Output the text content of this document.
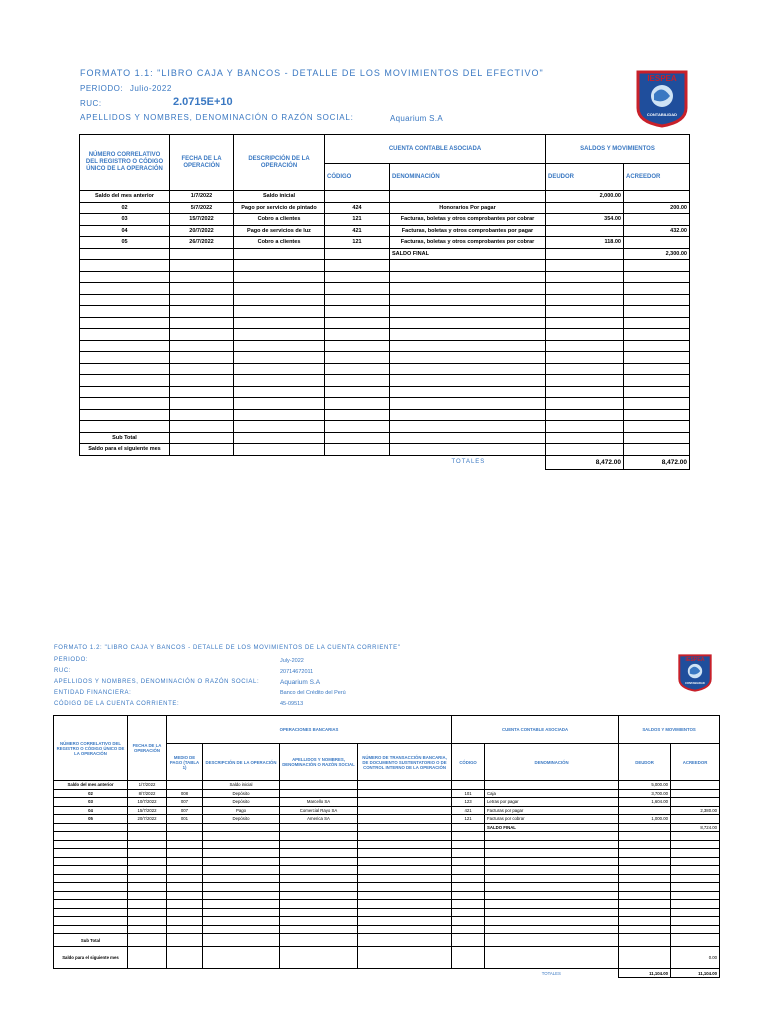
FORMATO 1.1: "LIBRO CAJA Y BANCOS - DETALLE DE LOS MOVIMIENTOS DEL EFECTIVO"
PERIODO: Julio-2022
RUC:	2.0715E+10
APELLIDOS Y NOMBRES, DENOMINACIÓN O RAZÓN SOCIAL:	Aquarium S.A
IESPEA
CONTABILIDAD
NÚMERO CORRELATIVO DEL REGISTRO O CÓDIGO ÚNICO DE LA OPERACIÓN	FECHA DE LA OPERACIÓN	DESCRIPCIÓN DE LA OPERACIÓN	CUENTA CONTABLE ASOCIADA		SALDOS Y MOVIMIENTOS	
			CÓDIGO	DENOMINACIÓN	DEUDOR	ACREEDOR
Saldo del mes anterior	1/7/2022	Saldo inicial			2,000.00	
02	5/7/2022	Pago por servicio de pintado	424	Honorarios Por pagar		200.00
03	15/7/2022	Cobro a clientes	121	Facturas, boletas y otros comprobantes por cobrar	354.00	
04	20/7/2022	Pago de servicios de luz	421	Facturas, boletas y otros comprobantes por pagar		432.00
05	26/7/2022	Cobro a clientes	121	Facturas, boletas y otros comprobantes por cobrar	118.00	
				SALDO FINAL		2,300.00

Sub Total						
Saldo para el siguiente mes						
				TOTALES	8,472.00	8,472.00
FORMATO 1.2: "LIBRO CAJA Y BANCOS - DETALLE DE LOS MOVIMIENTOS DE LA CUENTA CORRIENTE"
PERIODO:
RUC:
APELLIDOS Y NOMBRES, DENOMINACIÓN O RAZÓN SOCIAL:
ENTIDAD FINANCIERA:
CÓDIGO DE LA CUENTA CORRIENTE:
July-2022
20714672011
Aquarium S.A
Banco del Crédito del Perú
45-09513
IESPEA
CONTABILIDAD
NÚMERO CORRELATIVO DEL REGISTRO O CÓDIGO ÚNICO DE LA OPERACIÓN	FECHA DE LA OPERACIÓN	OPERACIONES BANCARIAS				CUENTA CONTABLE ASOCIADA		SALDOS Y MOVIMIENTOS	
		MEDIO DE PAGO (TABLA 1)	DESCRIPCIÓN DE LA OPERACIÓN	APELLIDOS Y NOMBRES, DENOMINACIÓN O RAZÓN SOCIAL	NÚMERO DE TRANSACCIÓN BANCARIA, DE DOCUMENTO SUSTENTATORIO O DE CONTROL INTERNO DE LA OPERACIÓN	CÓDIGO	DENOMINACIÓN	DEUDOR	ACREEDOR
Saldo del mes anterior	1/7/2022		Saldo inicial					5,000.00	
02	8/7/2022	008	Depósito			101	Caja	3,700.00	
03	10/7/2022	007	Depósito	Marcello SA		123	Letras por pagar	1,604.00	
04	15/7/2022	007	Pago	Comercial Rayo SA		421	Facturas por pagar		2,380.00
05	20/7/2022	001	Depósito	America SA		121	Facturas por cobrar	1,000.00	
							SALDO FINAL		8,724.00

Sub Total									
Saldo para el siguiente mes									0.00
							TOTALES	11,104.00	11,104.00
